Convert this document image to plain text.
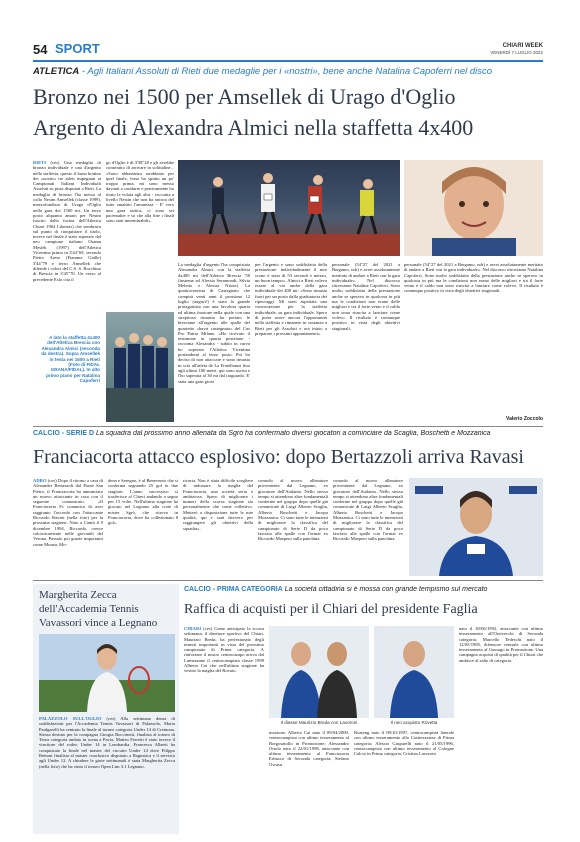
54 SPORT	CHIARI WEEK
VENERDÌ 7 LUGLIO 2022
ATLETICA - Agli Italiani Assoluti di Rieti due medaglie per i «nostri», bene anche Natalina Capoferri nel disco
Bronzo nei 1500 per Amsellek di Urago d'Oglio
Argento di Alexandra Almici nella staffetta 4x400
RIETI (ces) Una medaglia di bronzo individuale e una d'argento nella staffetta, questo il buon bottino dei «nostri» tre atleti impegnati ai Campionati Italiani Individuali Assoluti su pista disputati a Rieti. La medaglia di bronzo l'ha messa al collo Nesim Amsellek (classe 1999), mezzofondista di Urago d'Oglio nella gara dei 1500 mt. Un terzo posto alquanto amaro per Nesim (uscito dalla fucina dell'Atletica Chiari 1964 Libertas) che sembrava sul punto di conquistare il titolo, invece nel finale è stato superato dal neo campione italiano Osama Meslek (1997) dell'Atletica Vicentina primo in 3'44"69, secondo Pietro Arese (Fiamme Gialle) 3'44"79 e terzo Amsellek che difende i colori del C.S. S. Rocchino di Brescia in 3'45"70. Un verso al precedente Eslo cita il
go d'Oglio è di 3'38"28 e gli avrebbe consentito di arrivare in solitudine... «Sono abbastanza arrabbiato per quel finale, forse ho spinto un po' troppo prima, mi sono messo davanti a condurre e praticamente ho tirato la volata agli altri - racconta a livello Nestin che non ha ancora del tutto smaltito l'amarezza - E' vero una gara tattica, ci sono sei pacemaker e so che alla fine i finali sono stati interminabili».
A lato la staffetta 4x400 dell'Atletica Brescia con Alexandra Almici (seconda da destra). Sopra Amsellek in testa nei 1500 a Rieti (Foto di FIDAL GRANA/FIDAL). In alto primo piano per Natalina Capoferri
La medaglia d'argento l'ha conquistata Alexandra Almici con la staffetta 4x400 mt dell'Atletica Brescia '50 (insieme ad Alessia Seramondi, Silvia Meletto e Alessia Nistor). La quattrocentista di Castegnato che compirà venti anni il prossimo 12 luglio (auguri!) è stata la grande protagonista con una favolosa quarta ed ultima frazione nella quale con una strepitosa rimonta ha portato le bresciane all'argento alle spalle del quartetto «bavri castegnato» del Cus Pro Patria Milano. «Ho ricevuto il testimone in quarta posizione - racconta Alexandra - subito in curva ho superato l'Atletica Vicentina portandomi al terzo posto. Poi ho deciso di non attaccare e sono rimasta in scia all'atleta de La Fratellanza fino agli ultimi 100 metri, qui sono uscita e l'ho superata al 30 mt dal traguardo. E' stata una gran gioia
per l'argento e sono soddisfatta della prestazione: individualmente il mio crono è stato di 53 secondi e mezzo, un buon tempo». Almici a Rieti voleva essere al via anche della gara individuale dei 400 mt: «Sono rimasta fuori per un posto dalla graduatoria dei ripescaggi. Mi sarei aspettata una convocazione per la staffetta individuale, su gara individuale. Spero di poter avere ancora l'opportunità nella staffetta e rimanere in sostanza a Rieti per gli Assoluti e ora inizio a preparare i prossimi appuntamenti».
personale (54"27 del 2021 a Bergamo, ndr) e avrei assolutamente meritato di andare a Rieti con la gara individuale». Nel discorso ritroviamo Natalina Capoferri, Sono molto soddisfatta della prestazione anche se speravo in qualcosa in più ma le condizioni non erano delle migliori e tra il forte vento e il caldo non sono riuscita a lanciare come volevo. Il risultato è comunque positivo in vista degli obiettivi stagionali.
personale (54"27 del 2021 a Bergamo, ndr) e avrei assolutamente meritato di andare a Rieti con la gara individuale». Nel discorso ritroviamo Natalina Capoferri, Sono molto soddisfatta della prestazione anche se speravo in qualcosa in più ma le condizioni non erano delle migliori e tra il forte vento e il caldo non sono riuscita a lanciare come volevo. Il risultato è comunque positivo in vista degli obiettivi stagionali.
Valerio Zoccolo
CALCIO - SERIE D La squadra dal prossimo anno allenata da Sgrò ha confermato diversi giocatori a cominciare da Scaglia, Boschetti e Mozzanica
Franciacorta attacco esplosivo: dopo Bertazzoli arriva Ravasi
ADRO (ces) Dopo il ritorno a casa di Alexander Bertazzoli dal Ponte San Pietro, il Franciacorta ha annunciato un nuovo attaccante in rosa con il seguente comunicato. «Il Franciacorta Fc comunica di aver raggiunto l'accordo con l'attaccante Riccardo Ravasi (nella foto) per la prossima stagione. Nato a Cantù il 9 dicembre 1994, Riccardo, cresce calcisticamente nelle giovanili del Verona. Passato poi grazie importanti come Monza, Mo-
dena e Seregno, è al Benevento che si conferma segnando 25 gol in due stagioni. L'anno successivo si trasferisce al Chieri andando a segno per 15 volte. Nell'ultima stagione ha giocato nel Legnano alla corte di mister Sgrò, che ritrova in Franciacorta, dove ha collezionato 8 gol».
ricorta. Non è stata difficile scegliere di indossare la maglia del Franciacorta, una società seria e ambiziosa. Spero di migliorare i numeri della scorsa stagione sia personalmente che come collettivo. Metterò a disposizione tutte le mie qualità, qui e sarà davvero per raggiungere gli obiettivi della squadra».
comodo al nuovo allenatore proveniente dal Legnano, ex giocatore dell'Atalanta. Nello stesso tempo si attendono altre fondamentali conferme nel gruppo dopo quelle già comunicate di Luigi Alberto Scaglia, Alberto Boschetti e Jacopo Mozzanica. Ci sono tutte le intenzioni di migliorare la classifica del campionato di Serie D da poco lasciato alle spalle con l'ormai ex Riccardo Maspero sulla panchina.
comodo al nuovo allenatore proveniente dal Legnano, ex giocatore dell'Atalanta. Nello stesso tempo si attendono altre fondamentali conferme nel gruppo dopo quelle già comunicate di Luigi Alberto Scaglia, Alberto Boschetti e Jacopo Mozzanica. Ci sono tutte le intenzioni di migliorare la classifica del campionato di Serie D da poco lasciato alle spalle con l'ormai ex Riccardo Maspero sulla panchina.
Margherita Zecca dell'Accademia Tennis Vavassori vince a Legnano
PALAZZOLO SULL'OGLIO (ces) Alla settimana densa di soddisfazioni per l'Accademia Tennis Vavassori di Palazzolo, Maria Paulgarelli ha centrato la finale al torneo categoria Under 14 di Cremona. Stessa destino per la compagna Giorgia Boccinotti, finalista al torneo di Terza categoria andato in scena a Pavia, Matteo Ferretti è stato invece il vincitore del rodeo Under 14 in Lombardia. Francesca Alberti ha conquistato la finale nel master del circuito Under 14 dove Filippo Bettoni finalista al master conclusivo disputato a Bagnatica e il servizio agli Under 12. A chiudere le gioie settimanali è stata Margherita Zecca (nella foto) che ha vinto il torneo Open Lim 3.1 Legnano.
CALCIO - PRIMA CATEGORIA La società cittadina si è mossa con grande tempismo sul mercato
Raffica di acquisti per il Chiari del presidente Faglia
CHIARI (ces) Come anticipato la scorsa settimana, il direttore sportivo del Chiari, Maurizio Breda, ha perfezionato degli innesti importanti in vista del prossimo campionato di Prima categoria. A rinforzare il nostro centrocampo arriva dal Lumezzane il centrocampista classe 1999 Alberto Cai che nell'ultima stagione ha vestito la maglia del Rovato.
Il diesse Maurizio Breda con Lavoroni	Il neo acquisto Rovetta
mozione; Alberto Cai nato il 09/04/2000, centrocampista con ultimo tesseramento al Borgosatollo in Promozione; Alessandro Ortolo nato il 22/01/1998, attaccante con ultimo tesseramento al Franciacorta Erbusco di Seconda categoria; Stefano Owusu
Boateng nato il 08/10/1997, centrocampista laterale con ultimo tesseramento alla Castrezzatese di Prima categoria; Alessio Gasparelli nato il 21/05/1996, centrocampista con ultimo tesseramento al Cologne Calcio in Prima categoria; Cristian Lavoroni
nato il 30/06/1992, attaccante con ultimo tesseramento all'Orzivecchi di Seconda categoria; Marcello Tedeschi nato il 12/05/1985, difensore centrale con ultimo tesseramento al Gussago in Promozione. Una campagna acquisti di qualità per il Chiari che ambisce al salto di categoria.
